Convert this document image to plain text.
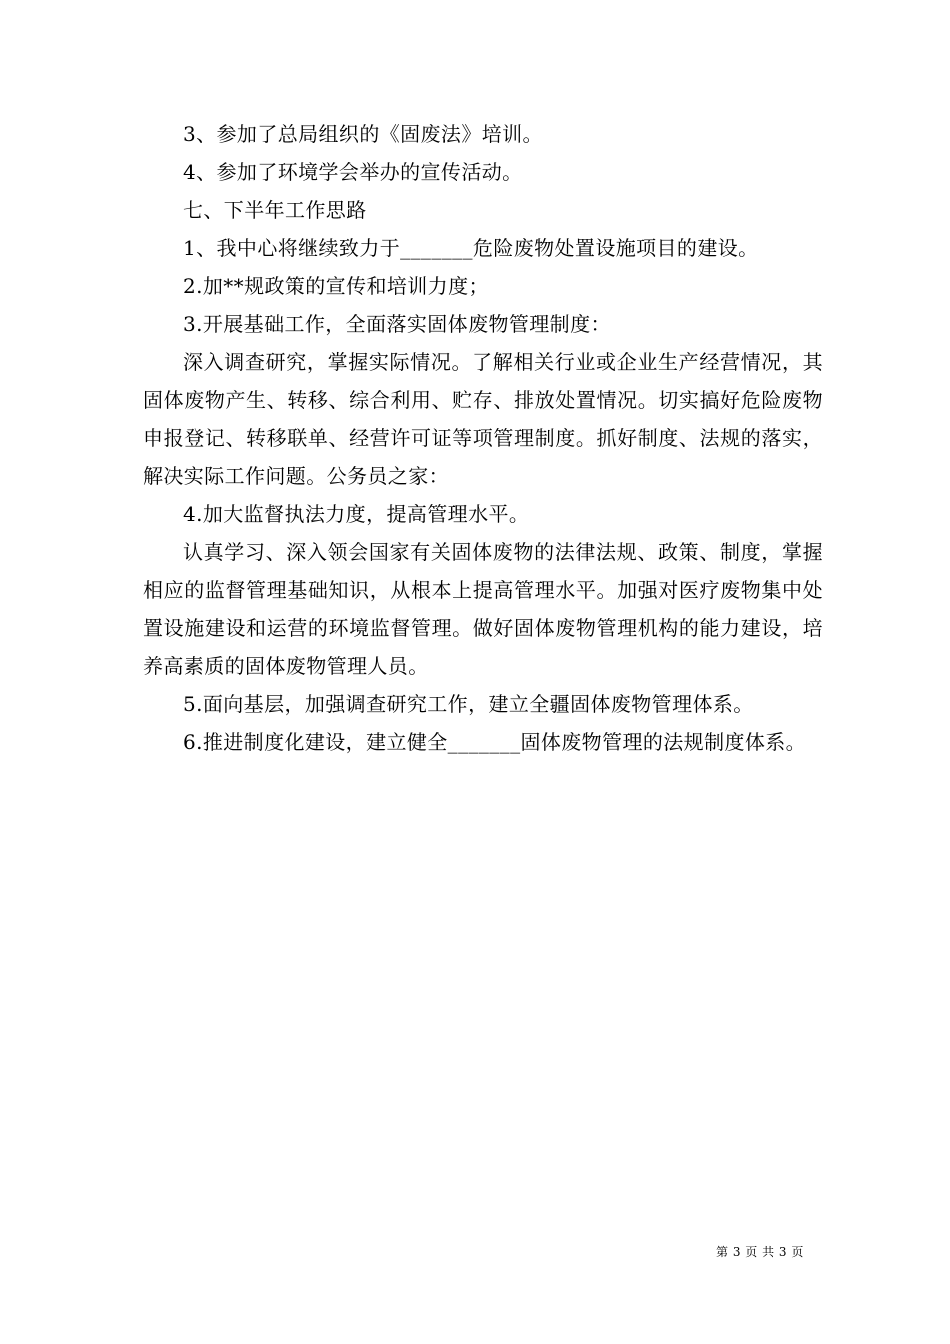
3、参加了总局组织的《固废法》培训。

4、参加了环境学会举办的宣传活动。

七、下半年工作思路

1、我中心将继续致力于_______危险废物处置设施项目的建设。

2.加**规政策的宣传和培训力度；

3.开展基础工作，全面落实固体废物管理制度：

深入调查研究，掌握实际情况。了解相关行业或企业生产经营情况，其固体废物产生、转移、综合利用、贮存、排放处置情况。切实搞好危险废物申报登记、转移联单、经营许可证等项管理制度。抓好制度、法规的落实，解决实际工作问题。公务员之家：

4.加大监督执法力度，提高管理水平。

认真学习、深入领会国家有关固体废物的法律法规、政策、制度，掌握相应的监督管理基础知识，从根本上提高管理水平。加强对医疗废物集中处置设施建设和运营的环境监督管理。做好固体废物管理机构的能力建设，培养高素质的固体废物管理人员。

5.面向基层，加强调查研究工作，建立全疆固体废物管理体系。

6.推进制度化建设，建立健全_______固体废物管理的法规制度体系。

第 3 页 共 3 页
